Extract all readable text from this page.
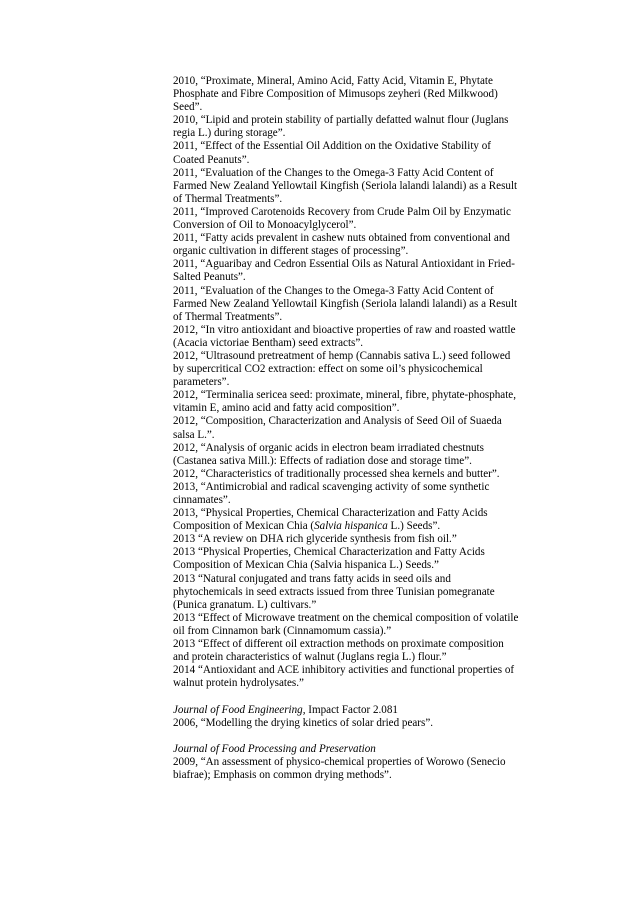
2010, “Proximate, Mineral, Amino Acid, Fatty Acid, Vitamin E, Phytate
Phosphate and Fibre Composition of Mimusops zeyheri (Red Milkwood)
Seed”.
2010, “Lipid and protein stability of partially defatted walnut flour (Juglans
regia L.) during storage”.
2011, “Effect of the Essential Oil Addition on the Oxidative Stability of
Coated Peanuts”.
2011, “Evaluation of the Changes to the Omega-3 Fatty Acid Content of
Farmed New Zealand Yellowtail Kingfish (Seriola lalandi lalandi) as a Result
of Thermal Treatments”.
2011, “Improved Carotenoids Recovery from Crude Palm Oil by Enzymatic
Conversion of Oil to Monoacylglycerol”.
2011, “Fatty acids prevalent in cashew nuts obtained from conventional and
organic cultivation in different stages of processing”.
2011, “Aguaribay and Cedron Essential Oils as Natural Antioxidant in Fried-
Salted Peanuts”.
2011, “Evaluation of the Changes to the Omega-3 Fatty Acid Content of
Farmed New Zealand Yellowtail Kingfish (Seriola lalandi lalandi) as a Result
of Thermal Treatments”.
2012, “In vitro antioxidant and bioactive properties of raw and roasted wattle
(Acacia victoriae Bentham) seed extracts”.
2012, “Ultrasound pretreatment of hemp (Cannabis sativa L.) seed followed
by supercritical CO2 extraction: effect on some oil’s physicochemical
parameters”.
2012, “Terminalia sericea seed: proximate, mineral, fibre, phytate-phosphate,
vitamin E, amino acid and fatty acid composition”.
2012, “Composition, Characterization and Analysis of Seed Oil of Suaeda
salsa L.”.
2012, “Analysis of organic acids in electron beam irradiated chestnuts
(Castanea sativa Mill.): Effects of radiation dose and storage time”.
2012, “Characteristics of traditionally processed shea kernels and butter”.
2013, “Antimicrobial and radical scavenging activity of some synthetic
cinnamates”.
2013, “Physical Properties, Chemical Characterization and Fatty Acids
Composition of Mexican Chia (Salvia hispanica L.) Seeds”.
2013 “A review on DHA rich glyceride synthesis from fish oil.”
2013 “Physical Properties, Chemical Characterization and Fatty Acids
Composition of Mexican Chia (Salvia hispanica L.) Seeds.”
2013 “Natural conjugated and trans fatty acids in seed oils and
phytochemicals in seed extracts issued from three Tunisian pomegranate
(Punica granatum. L) cultivars.”
2013 “Effect of Microwave treatment on the chemical composition of volatile
oil from Cinnamon bark (Cinnamomum cassia).”
2013 “Effect of different oil extraction methods on proximate composition
and protein characteristics of walnut (Juglans regia L.) flour.”
2014 “Antioxidant and ACE inhibitory activities and functional properties of
walnut protein hydrolysates.”
Journal of Food Engineering, Impact Factor 2.081
2006, “Modelling the drying kinetics of solar dried pears”.
Journal of Food Processing and Preservation
2009, “An assessment of physico-chemical properties of Worowo (Senecio
biafrae); Emphasis on common drying methods”.
